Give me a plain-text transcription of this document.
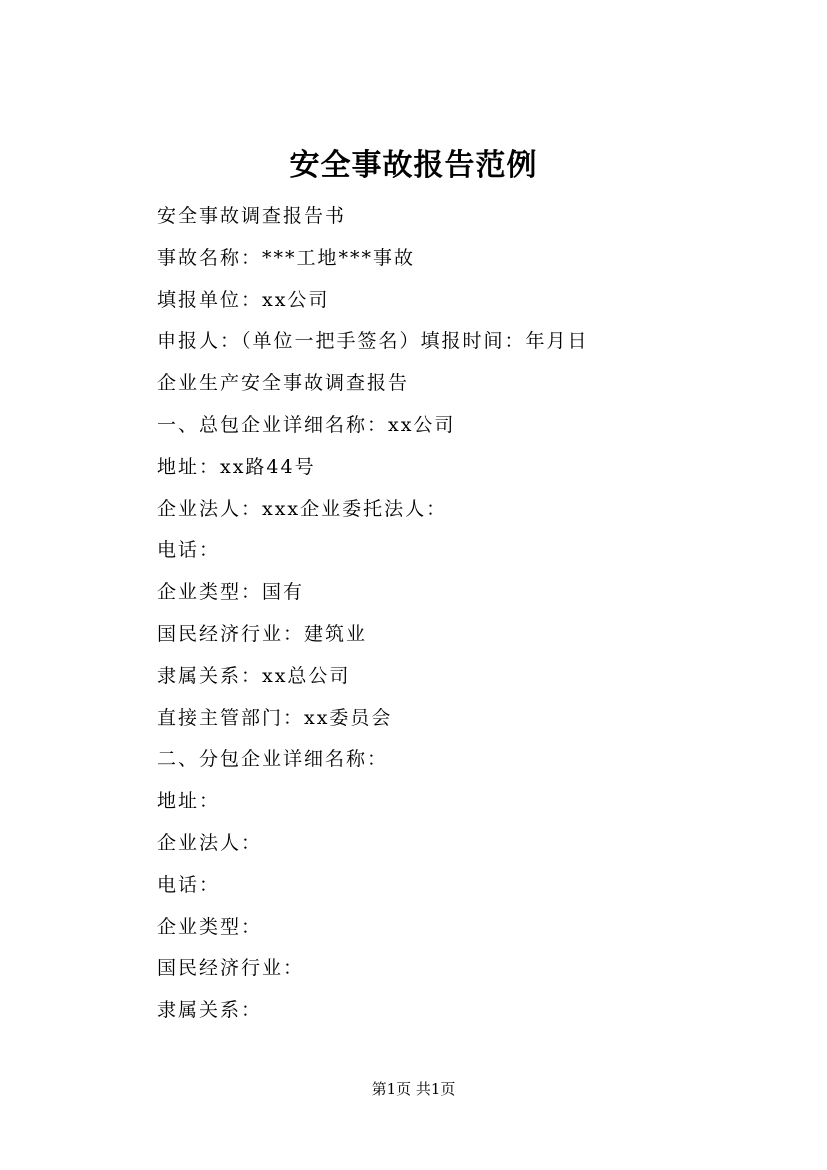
安全事故报告范例
安全事故调查报告书
事故名称：***工地***事故
填报单位：xx公司
申报人：（单位一把手签名）填报时间：年月日
企业生产安全事故调查报告
一、总包企业详细名称：xx公司
地址：xx路44号
企业法人：xxx企业委托法人：
电话：
企业类型：国有
国民经济行业：建筑业
隶属关系：xx总公司
直接主管部门：xx委员会
二、分包企业详细名称：
地址：
企业法人：
电话：
企业类型：
国民经济行业：
隶属关系：
第1页 共1页
